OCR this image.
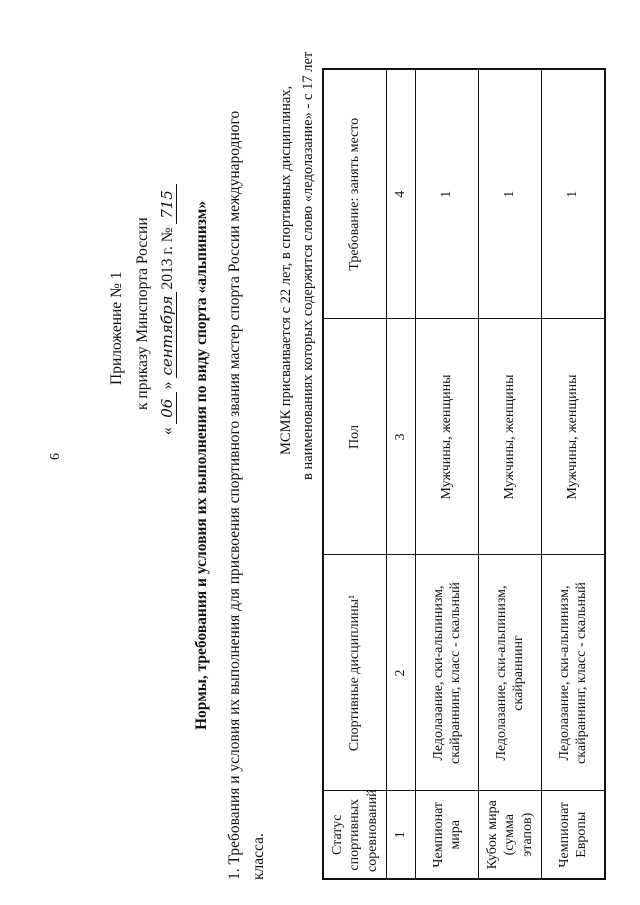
6
Приложение № 1 к приказу Минспорта России
«
06
»
сентября
2013 г. №
715 Нормы, требования и условия их выполнения по виду спорта «альпинизм» 1. Требования и условия их выполнения для присвоения спортивного звания мастер спорта России международного класса.
МСМК присваивается с 22 лет, в спортивных дисциплинах, в наименованиях которых содержится слово «ледолазание» - с 17 лет
Статус спортивных соревнований	Спортивные дисциплины¹	Пол	Требование: занять место
1	2	3	4
Чемпионат мира	Ледолазание, ски-альпинизм, скайраннинг, класс - скальный	Мужчины, женщины	1
Кубок мира (сумма этапов)	Ледолазание, ски-альпинизм, скайраннинг	Мужчины, женщины	1
Чемпионат Европы	Ледолазание, ски-альпинизм, скайраннинг, класс - скальный	Мужчины, женщины	1
